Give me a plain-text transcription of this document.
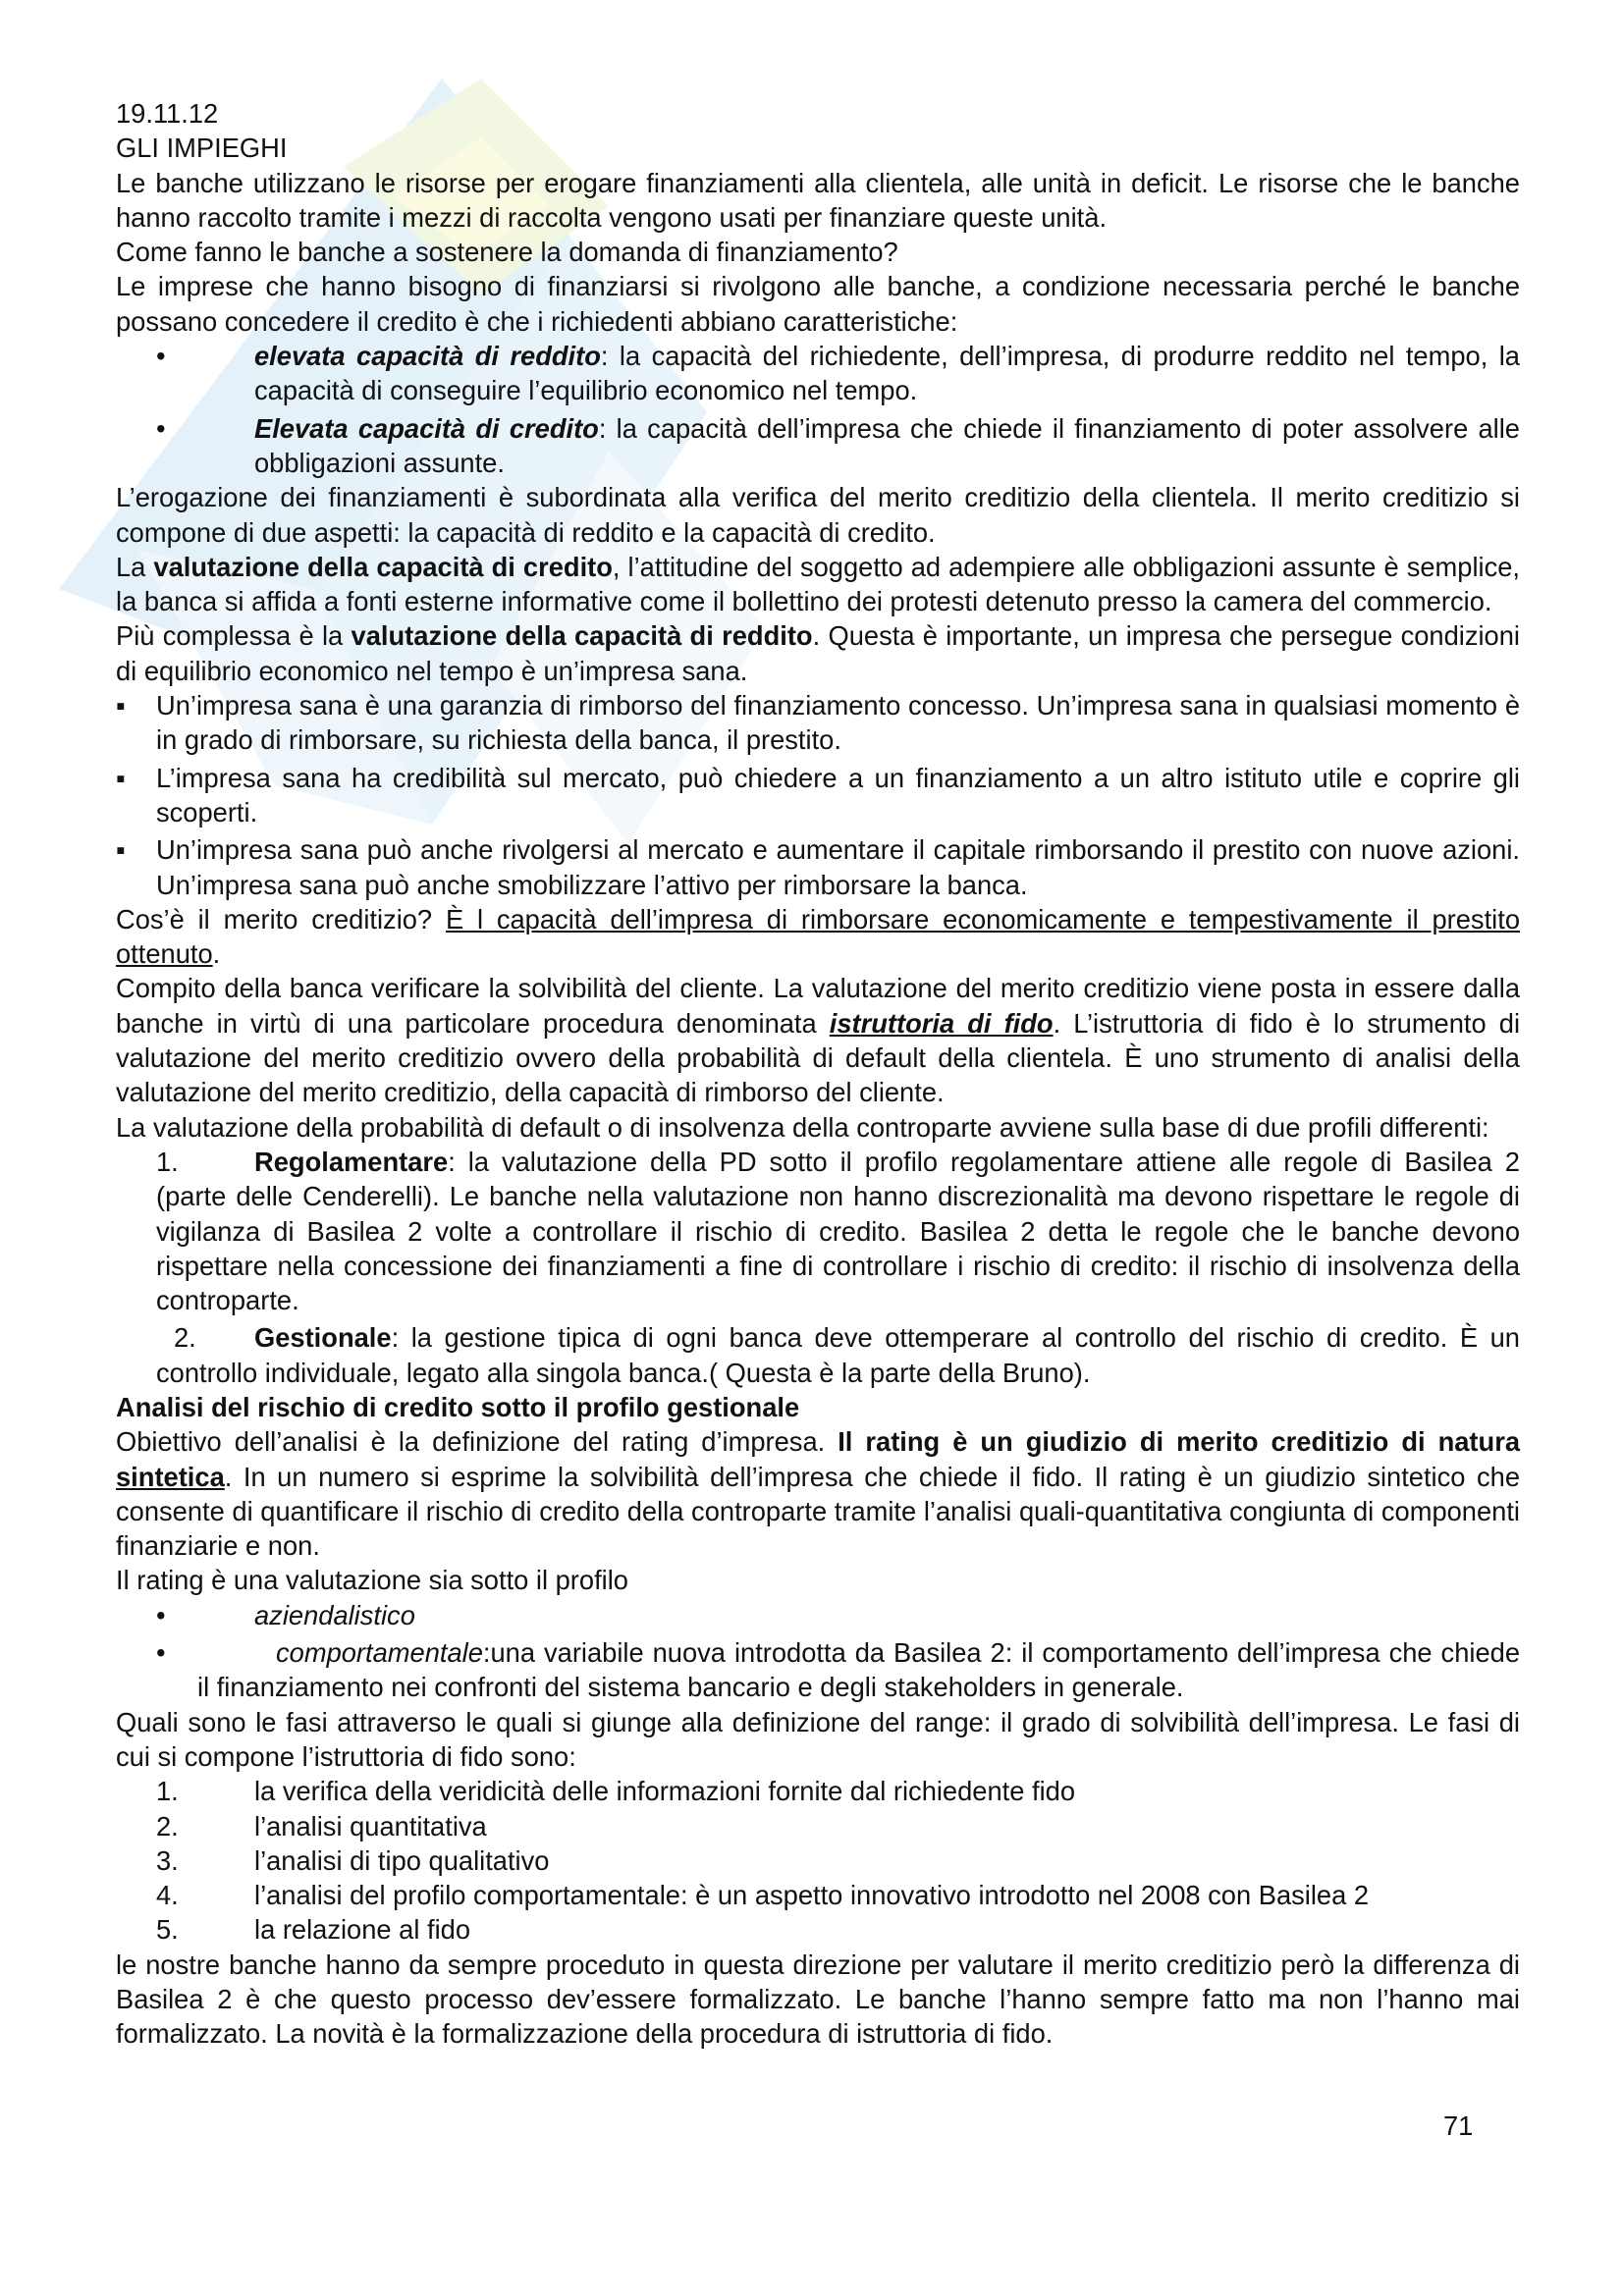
19.11.12

GLI IMPIEGHI

Le banche utilizzano le risorse per erogare finanziamenti alla clientela, alle unità in deficit. Le risorse che le banche hanno raccolto tramite i mezzi di raccolta vengono usati per finanziare queste unità.

Come fanno le banche a sostenere la domanda di finanziamento?

Le imprese che hanno bisogno di finanziarsi si rivolgono alle banche, a condizione necessaria perché le banche possano concedere il credito è che i richiedenti abbiano caratteristiche:

•	elevata capacità di reddito: la capacità del richiedente, dell’impresa, di produrre reddito nel tempo, la capacità di conseguire l’equilibrio economico nel tempo.
•	Elevata capacità di credito: la capacità dell’impresa che chiede il finanziamento di poter assolvere alle obbligazioni assunte.

L’erogazione dei finanziamenti è subordinata alla verifica del merito creditizio della clientela. Il merito creditizio si compone di due aspetti: la capacità di reddito e la capacità di credito.

La valutazione della capacità di credito, l’attitudine del soggetto ad adempiere alle obbligazioni assunte è semplice, la banca si affida a fonti esterne informative come il bollettino dei protesti detenuto presso la camera del commercio.

Più complessa è la valutazione della capacità di reddito. Questa è importante, un impresa che persegue condizioni di equilibrio economico nel tempo è un’impresa sana.

▪	Un’impresa sana è una garanzia di rimborso del finanziamento concesso. Un’impresa sana in qualsiasi momento è in grado di rimborsare, su richiesta della banca, il prestito.
▪	L’impresa sana ha credibilità sul mercato, può chiedere a un finanziamento a un altro istituto utile e coprire gli scoperti.
▪	Un’impresa sana può anche rivolgersi al mercato e aumentare il capitale rimborsando il prestito con nuove azioni. Un’impresa sana può anche smobilizzare l’attivo per rimborsare la banca.

Cos’è il merito creditizio? È l capacità dell’impresa di rimborsare economicamente e tempestivamente il prestito ottenuto.

Compito della banca verificare la solvibilità del cliente. La valutazione del merito creditizio viene posta in essere dalla banche in virtù di una particolare procedura denominata istruttoria di fido. L’istruttoria di fido è lo strumento di valutazione del merito creditizio ovvero della probabilità di default della clientela. È uno strumento di analisi della valutazione del merito creditizio, della capacità di rimborso del cliente.

La valutazione della probabilità di default o di insolvenza della controparte avviene sulla base di due profili differenti:

1.	Regolamentare: la valutazione della PD sotto il profilo regolamentare attiene alle regole di Basilea 2 (parte delle Cenderelli). Le banche nella valutazione non hanno discrezionalità ma devono rispettare le regole di vigilanza di Basilea 2 volte a controllare il rischio di credito. Basilea 2 detta le regole che le banche devono rispettare nella concessione dei finanziamenti a fine di controllare i rischio di credito: il rischio di insolvenza della controparte.
2.	Gestionale: la gestione tipica di ogni banca deve ottemperare al controllo del rischio di credito. È un controllo individuale, legato alla singola banca.( Questa è la parte della Bruno).

Analisi del rischio di credito sotto il profilo gestionale

Obiettivo dell’analisi è la definizione del rating d’impresa. Il rating è un giudizio di merito creditizio di natura sintetica. In un numero si esprime la solvibilità dell’impresa che chiede il fido. Il rating è un giudizio sintetico che consente di quantificare il rischio di credito della controparte tramite l’analisi quali-quantitativa congiunta di componenti finanziarie e non.

Il rating è una valutazione sia sotto il profilo

•	aziendalistico
•	comportamentale:una variabile nuova introdotta da Basilea 2: il comportamento dell’impresa che chiede il finanziamento nei confronti del sistema bancario e degli stakeholders in generale.

Quali sono le fasi attraverso le quali si giunge alla definizione del range: il grado di solvibilità dell’impresa. Le fasi di cui si compone l’istruttoria di fido sono:

1.	la verifica della veridicità delle informazioni fornite dal richiedente fido
2.	l’analisi quantitativa
3.	l’analisi di tipo qualitativo
4.	l’analisi del profilo comportamentale: è un aspetto innovativo introdotto nel 2008 con Basilea 2
5.	la relazione al fido

le nostre banche hanno da sempre proceduto in questa direzione per valutare il merito creditizio però la differenza di Basilea 2 è che questo processo dev’essere formalizzato. Le banche l’hanno sempre fatto ma non l’hanno mai formalizzato. La novità è la formalizzazione della procedura di istruttoria di fido.

71
